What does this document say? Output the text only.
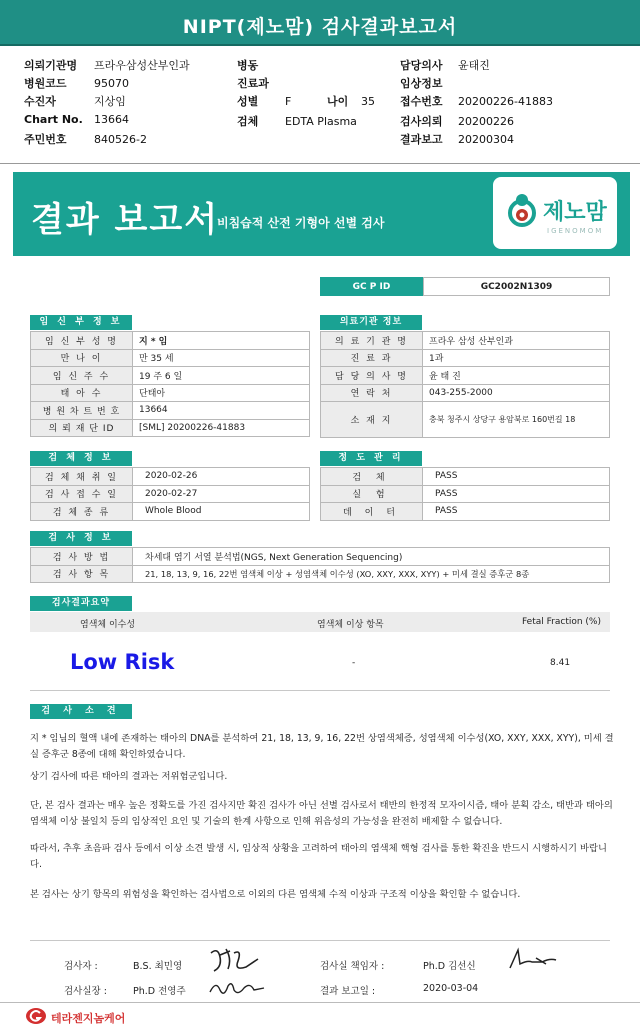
NIPT(제노맘) 검사결과보고서
의뢰기관명 프라우삼성산부인과
병원코드 95070
수진자	지상임
Chart No. 13664
주민번호 840526-2
병동
진료과
성별 F	나이 35
검체 EDTA Plasma
담당의사 윤태진
임상정보
접수번호 20200226-41883
검사의뢰 20200226
결과보고 20200304
결과 보고서
비침습적 산전 기형아 선별 검사	제노맘
IGENOMOM
GC P ID	GC2002N1309
임 신 부 정 보
임 신 부 성 명	지 * 임
만 나 이	만 35 세
임 신 주 수	19 주 6 일
태 아 수	단태아
병 원 차 트 번 호	13664
의 뢰 재 단 ID	[SML] 20200226-41883
의료기관 정보
의 료 기 관 명	프라우 삼성 산부인과
진 료 과	1과
담 당 의 사 명	윤 태 진
연 락 처	043-255-2000
소 재 지	충북 청주시 상당구 용암북로 160번길 18
검 체 정 보
검 체 채 취 일	2020-02-26
검 사 접 수 일	2020-02-27
검 체 종 류	Whole Blood
정 도 관 리
검 체	PASS
실 험	PASS
데 이 터	PASS
검 사 정 보
검 사 방 법	차세대 염기 서열 분석법(NGS, Next Generation Sequencing)
검 사 항 목	21, 18, 13, 9, 16, 22번 염색체 이상 + 성염색체 이수성 (XO, XXY, XXX, XYY) + 미세 결실 증후군 8종
검사결과요약
염색체 이수성	염색체 이상 항목	Fetal Fraction (%)
Low Risk	-	8.41
검 사 소 견
지 * 임님의 혈액 내에 존재하는 태아의 DNA를 분석하여 21, 18, 13, 9, 16, 22번 상염색체증, 성염색체 이수성(XO, XXY, XXX, XYY), 미세 결실 증후군 8종에 대해 확인하였습니다.
상기 검사에 따른 태아의 결과는 저위험군입니다.
단, 본 검사 결과는 매우 높은 정확도를 가진 검사지만 확진 검사가 아닌 선별 검사로서 태반의 한정적 모자이시즘, 태아 분획 감소, 태반과 태아의 염색체 이상 불일치 등의 임상적인 요인 및 기술의 한계 사항으로 인해 위음성의 가능성을 완전히 배제할 수 없습니다.
따라서, 추후 초음파 검사 등에서 이상 소견 발생 시, 임상적 상황을 고려하여 태아의 염색체 핵형 검사를 통한 확진을 반드시 시행하시기 바랍니다.
본 검사는 상기 항목의 위험성을 확인하는 검사법으로 이외의 다른 염색체 수적 이상과 구조적 이상을 확인할 수 없습니다.
검사자 :	B.S. 최민영
검사실장 :	Ph.D 전영주
검사실 책임자 :	Ph.D 김선신
결과 보고일 :	2020-03-04
테라젠지놈케어
